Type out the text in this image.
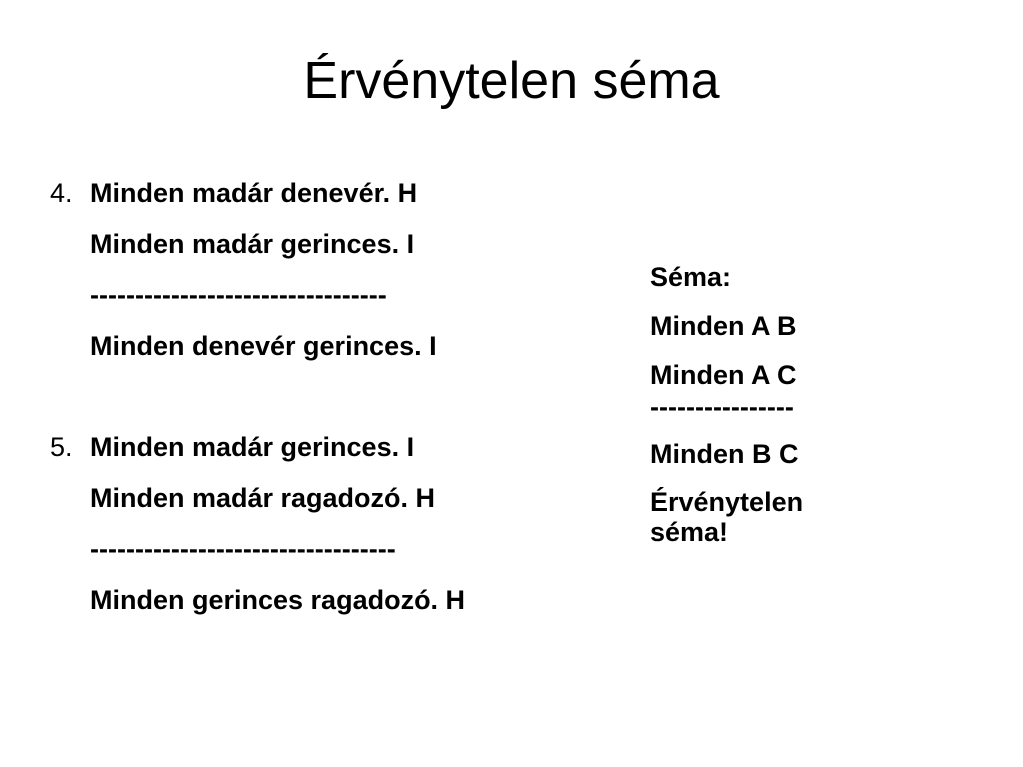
Érvénytelen séma
4. Minden madár denevér. H
Minden madár gerinces. I
---------------------------------
Minden denevér gerinces. I
5. Minden madár gerinces. I
Minden madár ragadozó. H
----------------------------------
Minden gerinces ragadozó. H
Séma:
Minden A B
Minden A C
----------------
Minden B C
Érvénytelen
séma!
